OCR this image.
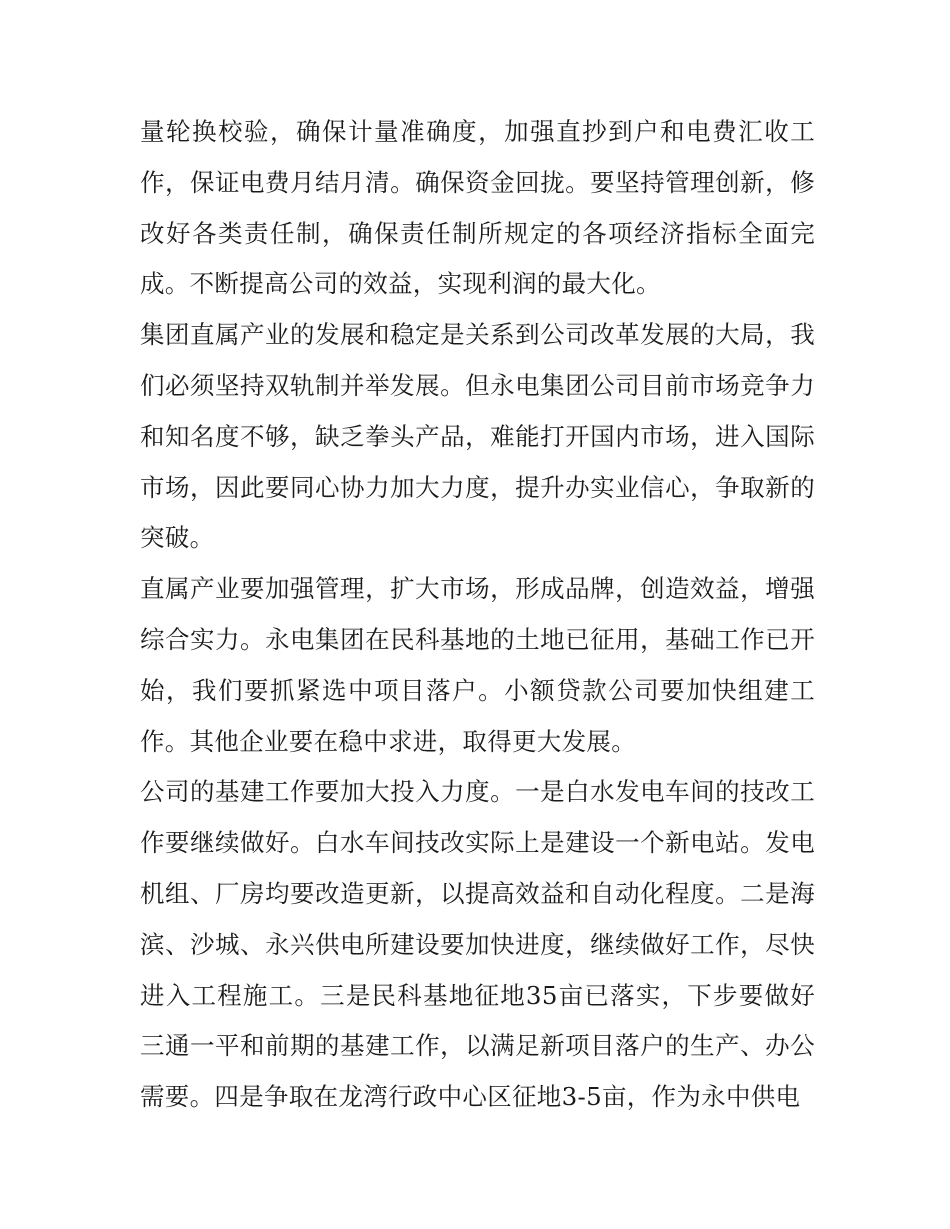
量轮换校验，确保计量准确度，加强直抄到户和电费汇收工作，保证电费月结月清。确保资金回拢。要坚持管理创新，修改好各类责任制，确保责任制所规定的各项经济指标全面完成。不断提高公司的效益，实现利润的最大化。

集团直属产业的发展和稳定是关系到公司改革发展的大局，我们必须坚持双轨制并举发展。但永电集团公司目前市场竞争力和知名度不够，缺乏拳头产品，难能打开国内市场，进入国际市场，因此要同心协力加大力度，提升办实业信心，争取新的突破。

直属产业要加强管理，扩大市场，形成品牌，创造效益，增强综合实力。永电集团在民科基地的土地已征用，基础工作已开始，我们要抓紧选中项目落户。小额贷款公司要加快组建工作。其他企业要在稳中求进，取得更大发展。

公司的基建工作要加大投入力度。一是白水发电车间的技改工作要继续做好。白水车间技改实际上是建设一个新电站。发电机组、厂房均要改造更新，以提高效益和自动化程度。二是海滨、沙城、永兴供电所建设要加快进度，继续做好工作，尽快进入工程施工。三是民科基地征地35亩已落实，下步要做好三通一平和前期的基建工作，以满足新项目落户的生产、办公需要。四是争取在龙湾行政中心区征地3-5亩，作为永中供电
